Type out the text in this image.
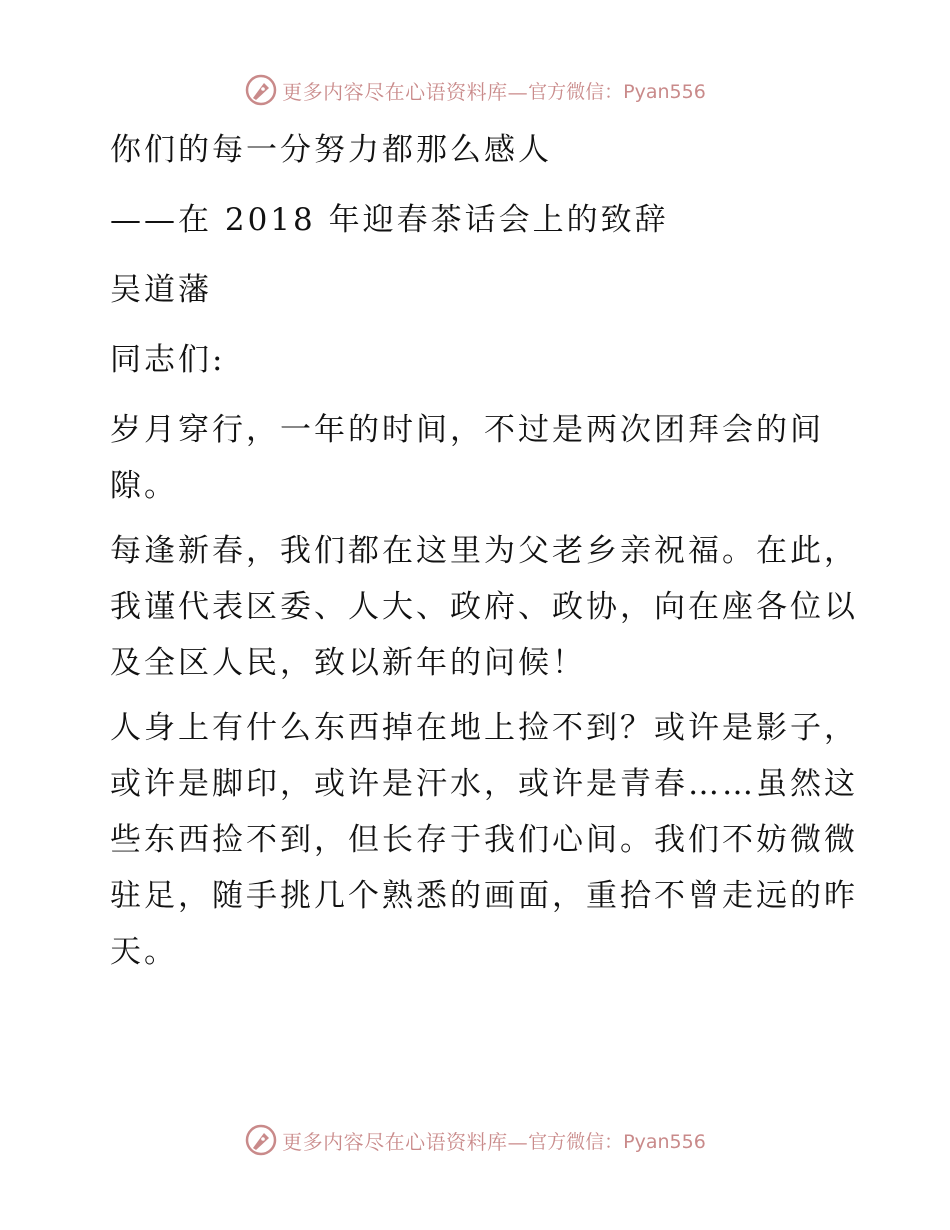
更多内容尽在心语资料库— 官方微信：Pyan556

你们的每一分努力都那么感人

——在 2018 年迎春茶话会上的致辞

吴道藩

同志们:

岁月穿行，一年的时间，不过是两次团拜会的间隙。

每逢新春，我们都在这里为父老乡亲祝福。在此，我谨代表区委、人大、政府、政协，向在座各位以及全区人民，致以新年的问候！

人身上有什么东西掉在地上捡不到？或许是影子，或许是脚印，或许是汗水，或许是青春……虽然这些东西捡不到，但长存于我们心间。我们不妨微微驻足，随手挑几个熟悉的画面，重拾不曾走远的昨天。

更多内容尽在心语资料库— 官方微信：Pyan556
